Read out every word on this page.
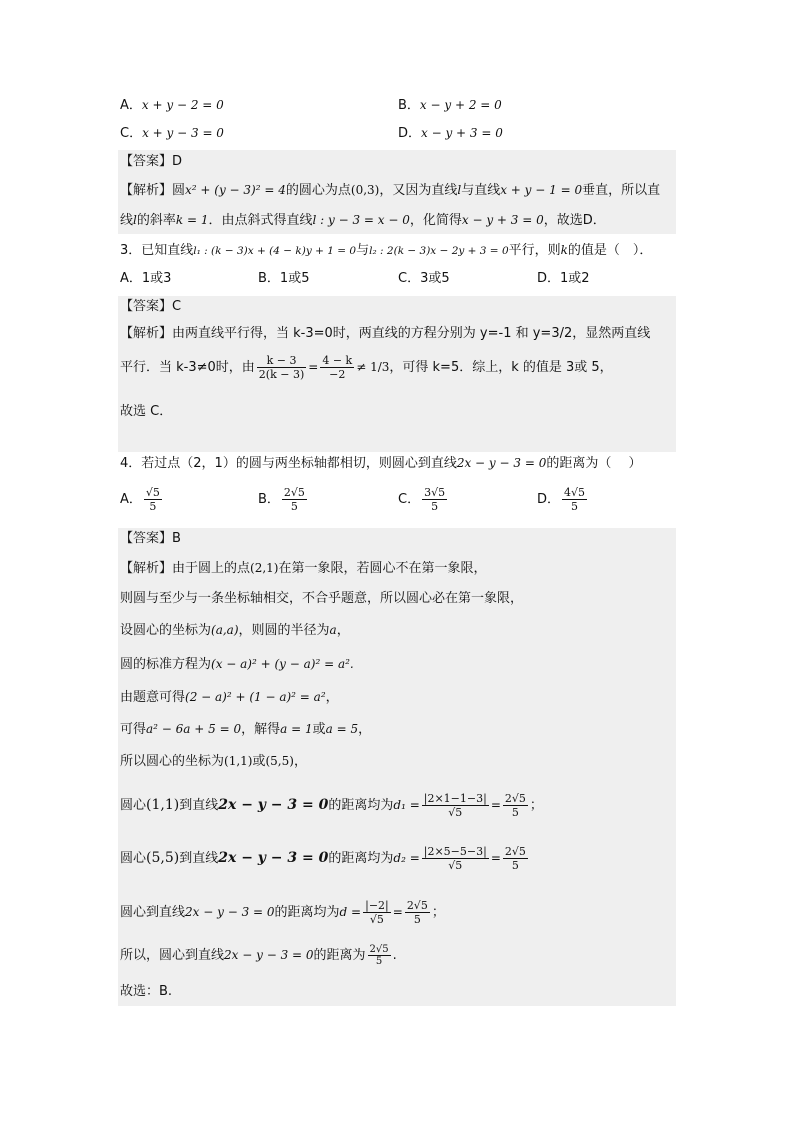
A．x + y − 2 = 0	B．x − y + 2 = 0
C．x + y − 3 = 0	D．x − y + 3 = 0
【答案】D
【解析】圆x² + (y − 3)² = 4的圆心为点(0,3)，又因为直线l与直线x + y − 1 = 0垂直，所以直
线l的斜率k = 1．由点斜式得直线l : y − 3 = x − 0，化简得x − y + 3 = 0，故选D．
3．已知直线l₁ : (k − 3)x + (4 − k)y + 1 = 0与l₂ : 2(k − 3)x − 2y + 3 = 0平行，则k的值是（　）．
A．1或3	B．1或5	C．3或5	D．1或2
【答案】C
【解析】由两直线平行得，当 k-3=0时，两直线的方程分别为 y=-1 和 y=3/2，显然两直线
平行．当 k-3≠0时，由 $\frac{k - 3}{2(k - 3)} = \frac{4 - k}{-2} \ne 1/3$，可得 k=5．综上，k 的值是 3或 5，
故选 C．
4．若过点（2，1）的圆与两坐标轴都相切，则圆心到直线2x − y − 3 = 0的距离为（　 ）
A． $\frac{√5}{5}$	B． $\frac{2√5}{5}$	C． $\frac{3√5}{5}$	D． $\frac{4√5}{5}$
【答案】B
【解析】由于圆上的点(2,1)在第一象限，若圆心不在第一象限，
则圆与至少与一条坐标轴相交，不合乎题意，所以圆心必在第一象限，
设圆心的坐标为(a,a)，则圆的半径为a，
圆的标准方程为(x − a)² + (y − a)² = a².
由题意可得(2 − a)² + (1 − a)² = a²，
可得a² − 6a + 5 = 0，解得a = 1或a = 5，
所以圆心的坐标为(1,1)或(5,5)，
圆心(1,1)到直线2x − y − 3 = 0的距离均为$d_1 = \frac{|2\times 1-1-3|}{√5} = \frac{2√5}{5}$ ；
圆心(5,5)到直线2x − y − 3 = 0的距离均为$d_2 = \frac{|2\times 5-5-3|}{√5} = \frac{2√5}{5}$
圆心到直线2x − y − 3 = 0的距离均为$d = \frac{|-2|}{√5} = \frac{2√5}{5}$ ；
所以，圆心到直线2x − y − 3 = 0的距离为 $\frac{2√5}{5}$ .
故选：B.
